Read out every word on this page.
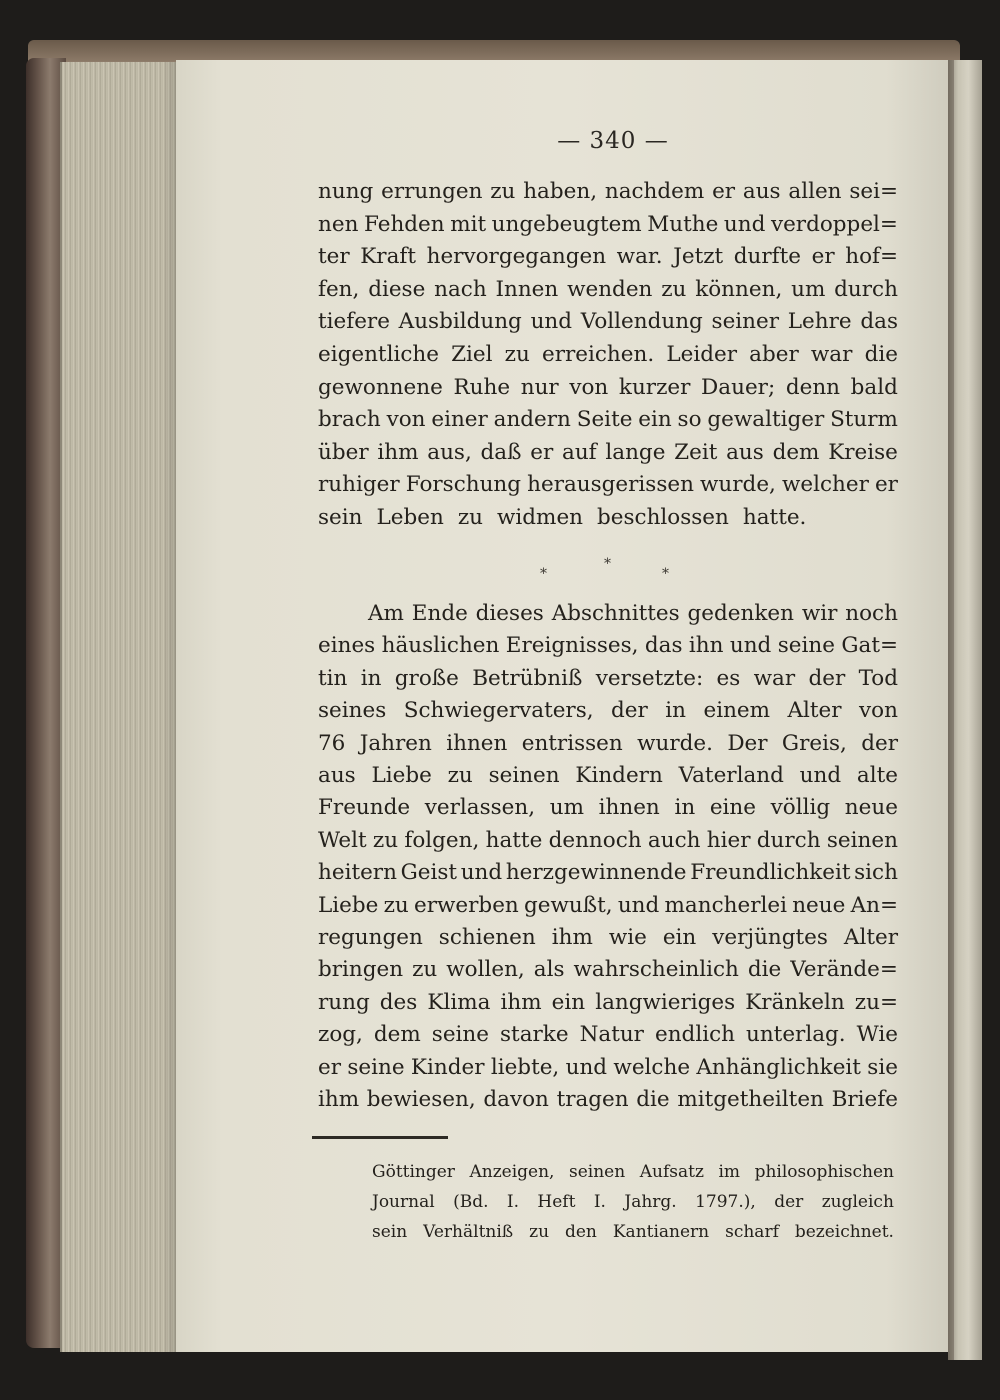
— 340 —
nung errungen zu haben, nachdem er aus allen sei=
nen Fehden mit ungebeugtem Muthe und verdoppel=
ter Kraft hervorgegangen war. Jetzt durfte er hof=
fen, diese nach Innen wenden zu können, um durch
tiefere Ausbildung und Vollendung seiner Lehre das
eigentliche Ziel zu erreichen. Leider aber war die
gewonnene Ruhe nur von kurzer Dauer; denn bald
brach von einer andern Seite ein so gewaltiger Sturm
über ihm aus, daß er auf lange Zeit aus dem Kreise
ruhiger Forschung herausgerissen wurde, welcher er
sein Leben zu widmen beschlossen hatte.
*
*
*
Am Ende dieses Abschnittes gedenken wir noch
eines häuslichen Ereignisses, das ihn und seine Gat=
tin in große Betrübniß versetzte: es war der Tod
seines Schwiegervaters, der in einem Alter von
76 Jahren ihnen entrissen wurde. Der Greis, der
aus Liebe zu seinen Kindern Vaterland und alte
Freunde verlassen, um ihnen in eine völlig neue
Welt zu folgen, hatte dennoch auch hier durch seinen
heitern Geist und herzgewinnende Freundlichkeit sich
Liebe zu erwerben gewußt, und mancherlei neue An=
regungen schienen ihm wie ein verjüngtes Alter
bringen zu wollen, als wahrscheinlich die Verände=
rung des Klima ihm ein langwieriges Kränkeln zu=
zog, dem seine starke Natur endlich unterlag. Wie
er seine Kinder liebte, und welche Anhänglichkeit sie
ihm bewiesen, davon tragen die mitgetheilten Briefe
Göttinger Anzeigen, seinen Aufsatz im philosophischen
Journal (Bd. I. Heft I. Jahrg. 1797.), der zugleich
sein Verhältniß zu den Kantianern scharf bezeichnet.
